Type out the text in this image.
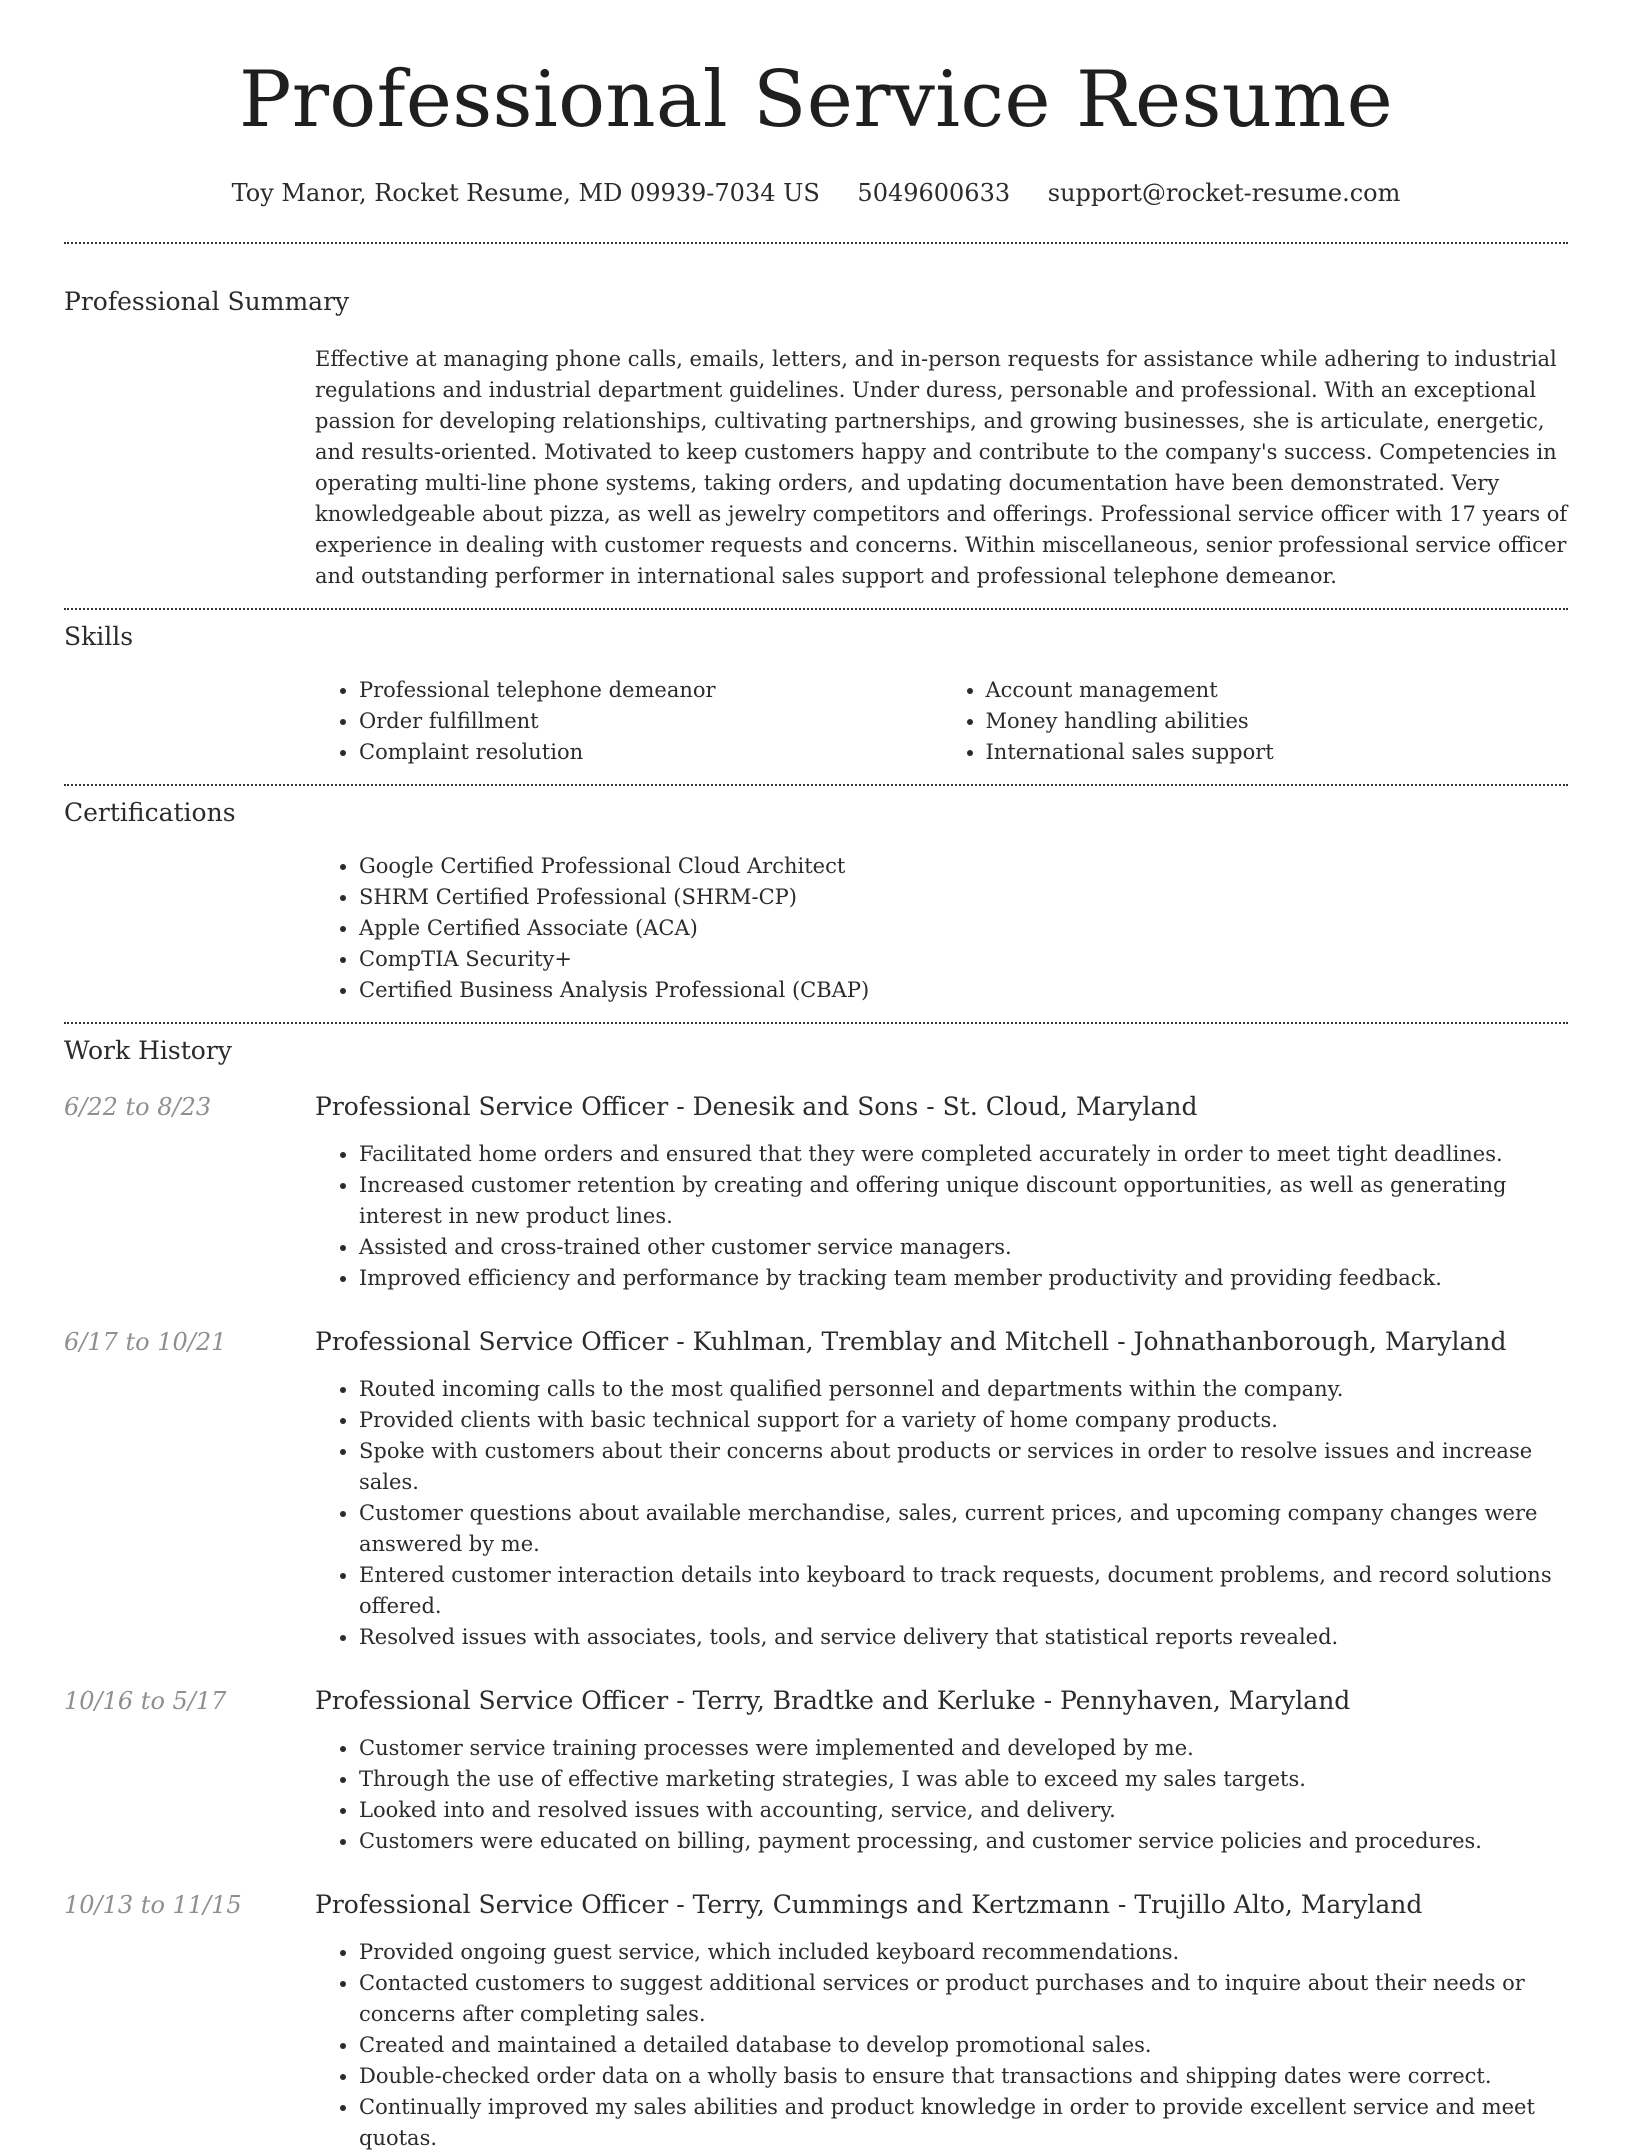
Professional Service Resume
Toy Manor, Rocket Resume, MD 09939-7034 US 5049600633 support@rocket-resume.com
Professional Summary
Effective at managing phone calls, emails, letters, and in-person requests for assistance while adhering to industrial regulations and industrial department guidelines. Under duress, personable and professional. With an exceptional passion for developing relationships, cultivating partnerships, and growing businesses, she is articulate, energetic, and results-oriented. Motivated to keep customers happy and contribute to the company's success. Competencies in operating multi-line phone systems, taking orders, and updating documentation have been demonstrated. Very knowledgeable about pizza, as well as jewelry competitors and offerings. Professional service officer with 17 years of experience in dealing with customer requests and concerns. Within miscellaneous, senior professional service officer and outstanding performer in international sales support and professional telephone demeanor.
Skills
• Professional telephone demeanor
• Order fulfillment
• Complaint resolution
• Account management
• Money handling abilities
• International sales support
Certifications
• Google Certified Professional Cloud Architect
• SHRM Certified Professional (SHRM-CP)
• Apple Certified Associate (ACA)
• CompTIA Security+
• Certified Business Analysis Professional (CBAP)
Work History
6/22 to 8/23	Professional Service Officer - Denesik and Sons - St. Cloud, Maryland
• Facilitated home orders and ensured that they were completed accurately in order to meet tight deadlines.
• Increased customer retention by creating and offering unique discount opportunities, as well as generating interest in new product lines.
• Assisted and cross-trained other customer service managers.
• Improved efficiency and performance by tracking team member productivity and providing feedback.
6/17 to 10/21	Professional Service Officer - Kuhlman, Tremblay and Mitchell - Johnathanborough, Maryland
• Routed incoming calls to the most qualified personnel and departments within the company.
• Provided clients with basic technical support for a variety of home company products.
• Spoke with customers about their concerns about products or services in order to resolve issues and increase sales.
• Customer questions about available merchandise, sales, current prices, and upcoming company changes were answered by me.
• Entered customer interaction details into keyboard to track requests, document problems, and record solutions offered.
• Resolved issues with associates, tools, and service delivery that statistical reports revealed.
10/16 to 5/17	Professional Service Officer - Terry, Bradtke and Kerluke - Pennyhaven, Maryland
• Customer service training processes were implemented and developed by me.
• Through the use of effective marketing strategies, I was able to exceed my sales targets.
• Looked into and resolved issues with accounting, service, and delivery.
• Customers were educated on billing, payment processing, and customer service policies and procedures.
10/13 to 11/15	Professional Service Officer - Terry, Cummings and Kertzmann - Trujillo Alto, Maryland
• Provided ongoing guest service, which included keyboard recommendations.
• Contacted customers to suggest additional services or product purchases and to inquire about their needs or concerns after completing sales.
• Created and maintained a detailed database to develop promotional sales.
• Double-checked order data on a wholly basis to ensure that transactions and shipping dates were correct.
• Continually improved my sales abilities and product knowledge in order to provide excellent service and meet quotas.
